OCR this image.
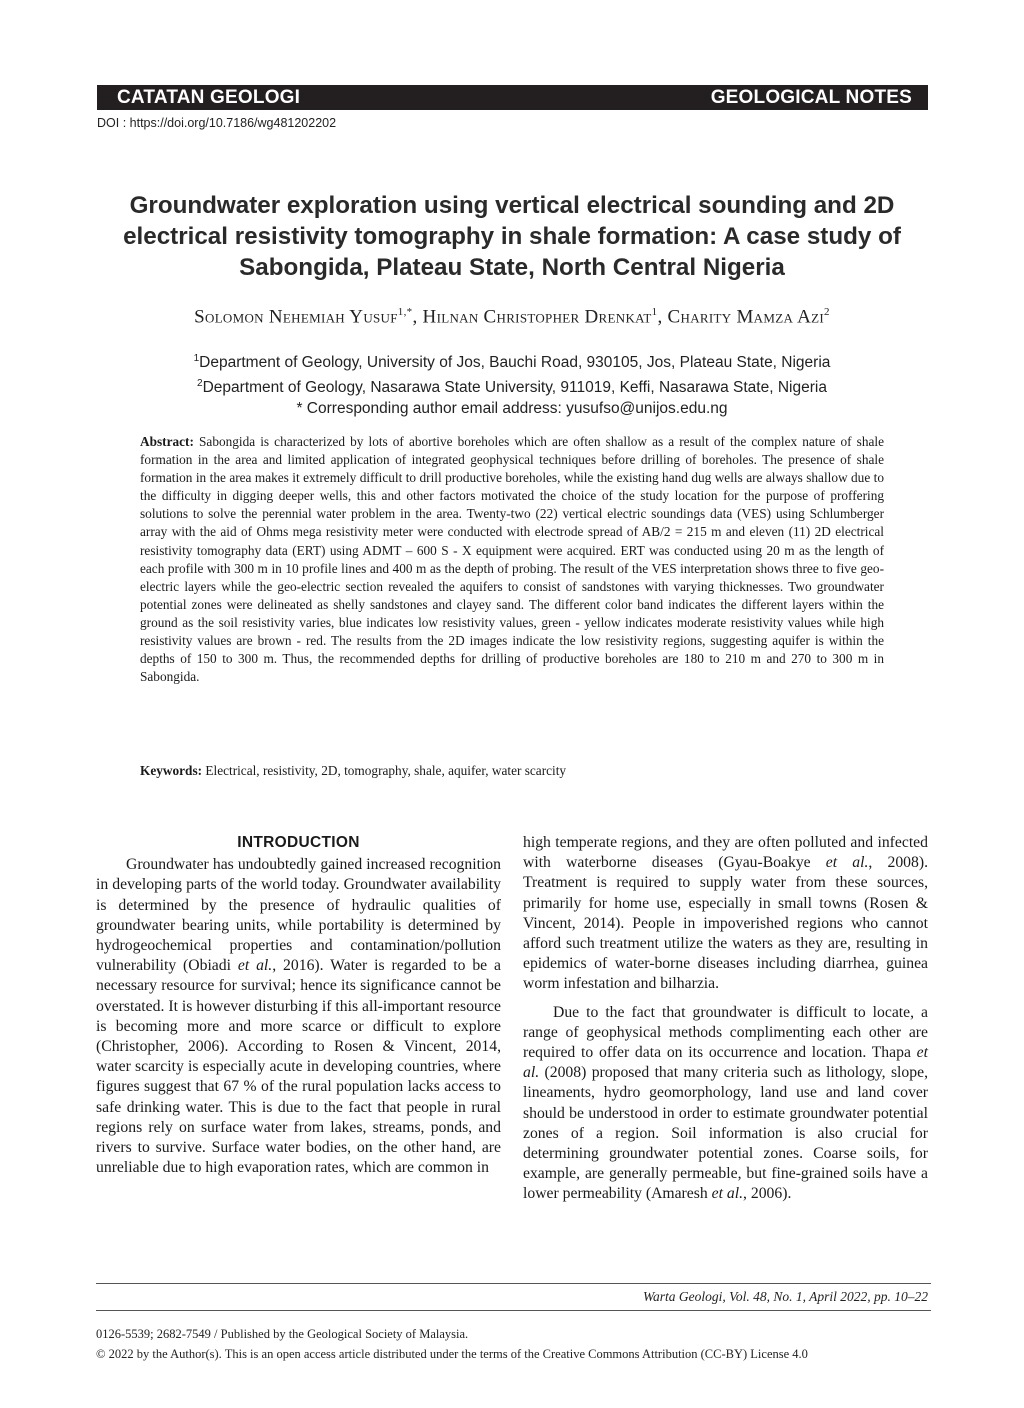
CATATAN GEOLOGI	GEOLOGICAL NOTES
DOI : https://doi.org/10.7186/wg481202202
Groundwater exploration using vertical electrical sounding and 2D electrical resistivity tomography in shale formation: A case study of Sabongida, Plateau State, North Central Nigeria
Solomon Nehemiah Yusuf$^{1,*}$, Hilnan Christopher Drenkat$^1$, Charity Mamza Azi$^2$
$^1$Department of Geology, University of Jos, Bauchi Road, 930105, Jos, Plateau State, Nigeria
$^2$Department of Geology, Nasarawa State University, 911019, Keffi, Nasarawa State, Nigeria
* Corresponding author email address: yusufso@unijos.edu.ng
Abstract: Sabongida is characterized by lots of abortive boreholes which are often shallow as a result of the complex nature of shale formation in the area and limited application of integrated geophysical techniques before drilling of boreholes. The presence of shale formation in the area makes it extremely difficult to drill productive boreholes, while the existing hand dug wells are always shallow due to the difficulty in digging deeper wells, this and other factors motivated the choice of the study location for the purpose of proffering solutions to solve the perennial water problem in the area. Twenty-two (22) vertical electric soundings data (VES) using Schlumberger array with the aid of Ohms mega resistivity meter were conducted with electrode spread of AB/2 = 215 m and eleven (11) 2D electrical resistivity tomography data (ERT) using ADMT – 600 S - X equipment were acquired. ERT was conducted using 20 m as the length of each profile with 300 m in 10 profile lines and 400 m as the depth of probing. The result of the VES interpretation shows three to five geo-electric layers while the geo-electric section revealed the aquifers to consist of sandstones with varying thicknesses. Two groundwater potential zones were delineated as shelly sandstones and clayey sand. The different color band indicates the different layers within the ground as the soil resistivity varies, blue indicates low resistivity values, green - yellow indicates moderate resistivity values while high resistivity values are brown - red. The results from the 2D images indicate the low resistivity regions, suggesting aquifer is within the depths of 150 to 300 m. Thus, the recommended depths for drilling of productive boreholes are 180 to 210 m and 270 to 300 m in Sabongida.
Keywords: Electrical, resistivity, 2D, tomography, shale, aquifer, water scarcity
INTRODUCTION

Groundwater has undoubtedly gained increased recognition in developing parts of the world today. Groundwater availability is determined by the presence of hydraulic qualities of groundwater bearing units, while portability is determined by hydrogeochemical properties and contamination/pollution vulnerability (Obiadi et al., 2016). Water is regarded to be a necessary resource for survival; hence its significance cannot be overstated. It is however disturbing if this all-important resource is becoming more and more scarce or difficult to explore (Christopher, 2006). According to Rosen & Vincent, 2014, water scarcity is especially acute in developing countries, where figures suggest that 67 % of the rural population lacks access to safe drinking water. This is due to the fact that people in rural regions rely on surface water from lakes, streams, ponds, and rivers to survive. Surface water bodies, on the other hand, are unreliable due to high evaporation rates, which are common in

high temperate regions, and they are often polluted and infected with waterborne diseases (Gyau-Boakye et al., 2008). Treatment is required to supply water from these sources, primarily for home use, especially in small towns (Rosen & Vincent, 2014). People in impoverished regions who cannot afford such treatment utilize the waters as they are, resulting in epidemics of water-borne diseases including diarrhea, guinea worm infestation and bilharzia.

Due to the fact that groundwater is difficult to locate, a range of geophysical methods complimenting each other are required to offer data on its occurrence and location. Thapa et al. (2008) proposed that many criteria such as lithology, slope, lineaments, hydro geomorphology, land use and land cover should be understood in order to estimate groundwater potential zones of a region. Soil information is also crucial for determining groundwater potential zones. Coarse soils, for example, are generally permeable, but fine-grained soils have a lower permeability (Amaresh et al., 2006).

Warta Geologi, Vol. 48, No. 1, April 2022, pp. 10–22
0126-5539; 2682-7549 / Published by the Geological Society of Malaysia.
© 2022 by the Author(s). This is an open access article distributed under the terms of the Creative Commons Attribution (CC-BY) License 4.0
